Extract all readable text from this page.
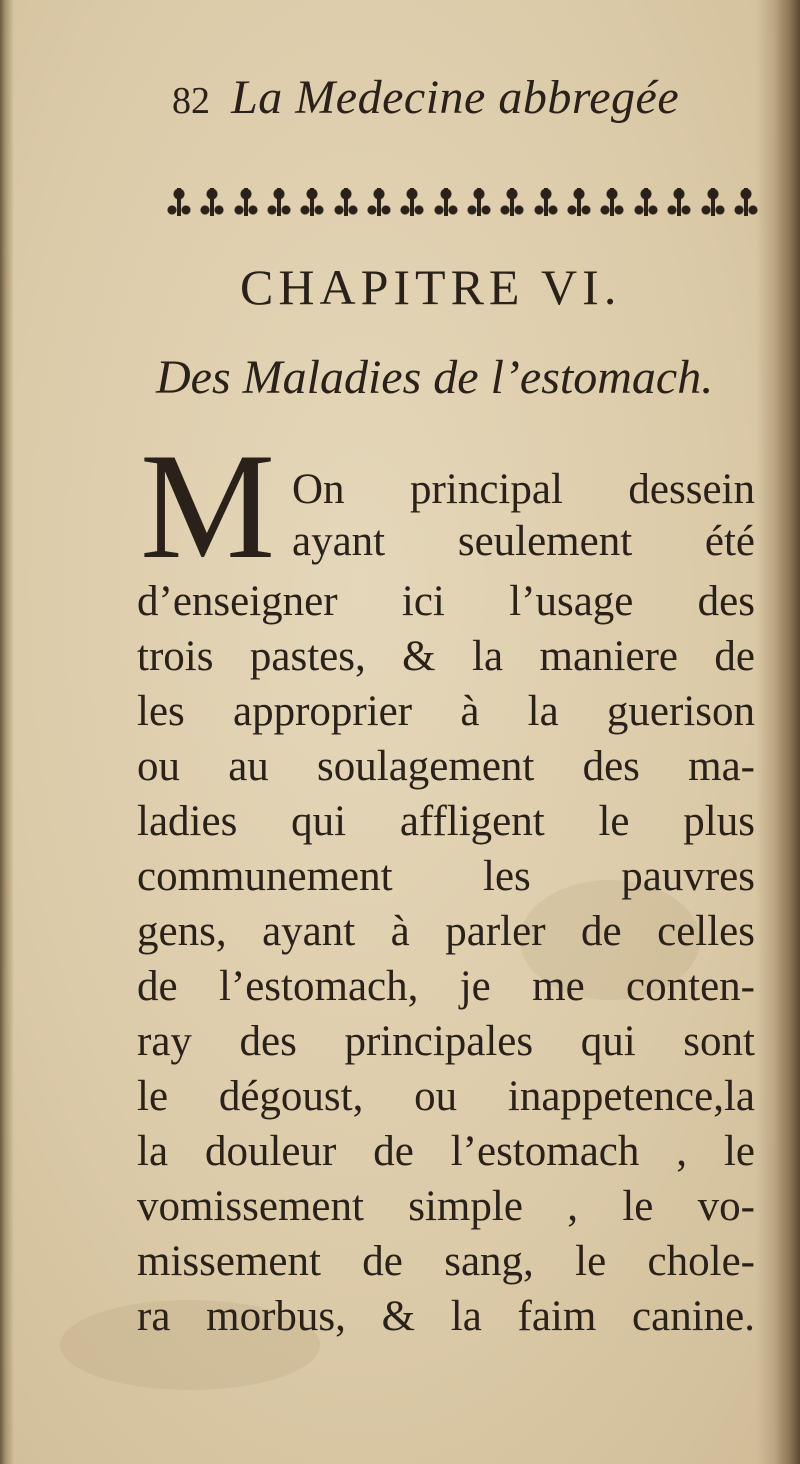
82 La Medecine abbregée
CHAPITRE VI.
Des Maladies de l’estomach.
M On principal dessein
ayant seulement été
d’enseigner ici l’usage des
trois pastes, & la maniere de
les approprier à la guerison
ou au soulagement des ma-
ladies qui affligent le plus
communement les pauvres
gens, ayant à parler de celles
de l’estomach, je me conten-
ray des principales qui sont
le dégoust, ou inappetence,la
la douleur de l’estomach , le
vomissement simple , le vo-
missement de sang, le chole-
ra morbus, & la faim canine.
